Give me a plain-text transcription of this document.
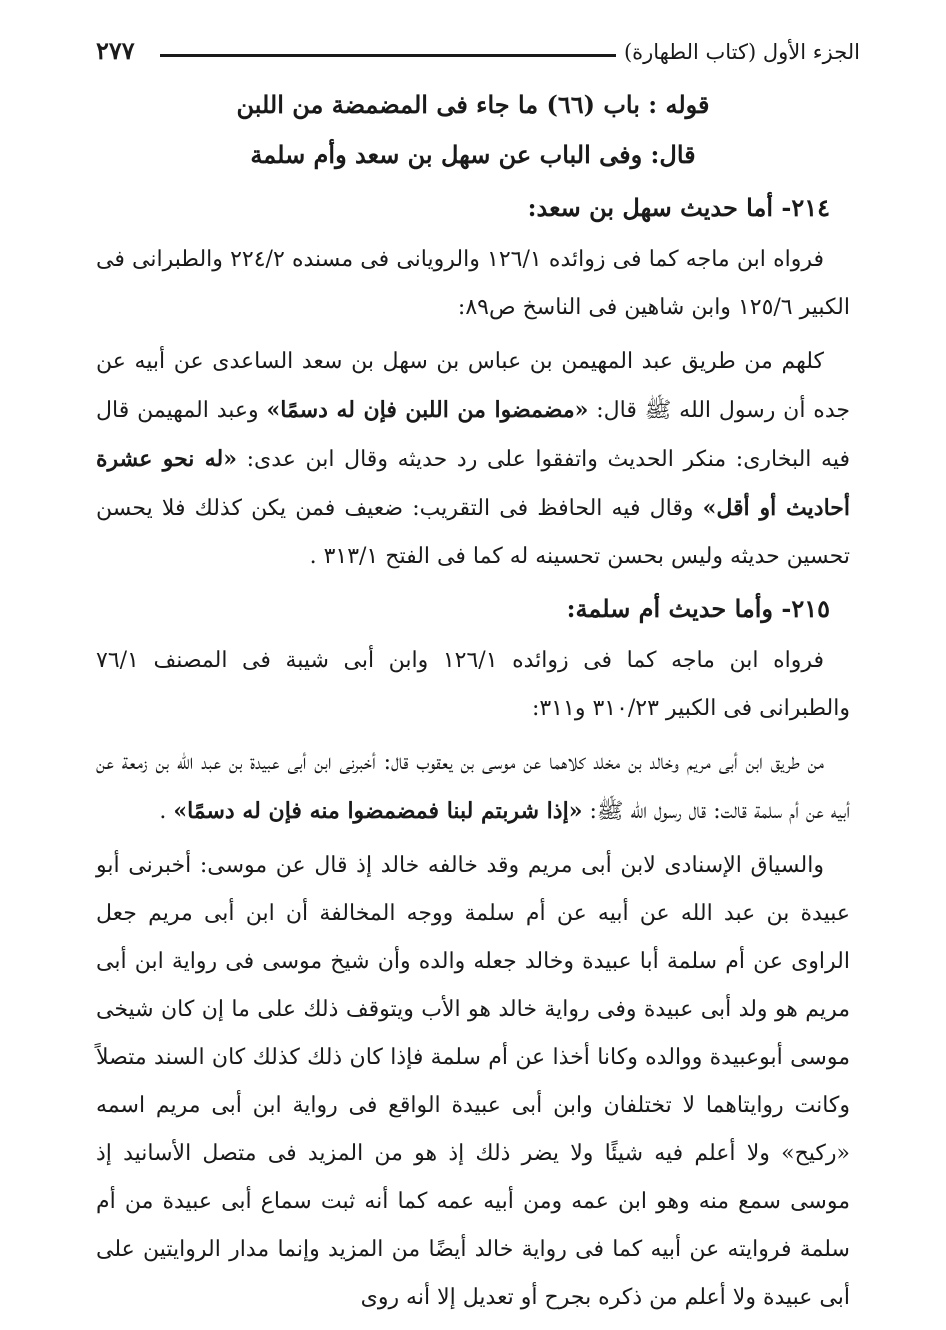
الجزء الأول (كتاب الطهارة)
٢٧٧
قوله : باب (٦٦) ما جاء فى المضمضة من اللبن
قال: وفى الباب عن سهل بن سعد وأم سلمة
٢١٤- أما حديث سهل بن سعد:

فرواه ابن ماجه كما فى زوائده ١٢٦/١ والرويانى فى مسنده ٢٢٤/٢ والطبرانى فى الكبير ١٢٥/٦ وابن شاهين فى الناسخ ص٨٩:

كلهم من طريق عبد المهيمن بن عباس بن سهل بن سعد الساعدى عن أبيه عن جده أن رسول الله ﷺ قال: «مضمضوا من اللبن فإن له دسمًا» وعبد المهيمن قال فيه البخارى: منكر الحديث واتفقوا على رد حديثه وقال ابن عدى: «له نحو عشرة أحاديث أو أقل» وقال فيه الحافظ فى التقريب: ضعيف فمن يكن كذلك فلا يحسن تحسين حديثه وليس بحسن تحسينه له كما فى الفتح ٣١٣/١ .

٢١٥- وأما حديث أم سلمة:

فرواه ابن ماجه كما فى زوائده ١٢٦/١ وابن أبى شيبة فى المصنف ٧٦/١ والطبرانى فى الكبير ٣١٠/٢٣ و٣١١:

من طريق ابن أبى مريم وخالد بن مخلد كلاهما عن موسى بن يعقوب قال: أخبرنى ابن أبى عبيدة بن عبد الله بن زمعة عن أبيه عن أم سلمة قالت: قال رسول الله ﷺ: «إذا شربتم لبنا فمضمضوا منه فإن له دسمًا» .

والسياق الإسنادى لابن أبى مريم وقد خالفه خالد إذ قال عن موسى: أخبرنى أبو عبيدة بن عبد الله عن أبيه عن أم سلمة ووجه المخالفة أن ابن أبى مريم جعل الراوى عن أم سلمة أبا عبيدة وخالد جعله والده وأن شيخ موسى فى رواية ابن أبى مريم هو ولد أبى عبيدة وفى رواية خالد هو الأب ويتوقف ذلك على ما إن كان شيخى موسى أبوعبيدة ووالده وكانا أخذا عن أم سلمة فإذا كان ذلك كذلك كان السند متصلاً وكانت روايتاهما لا تختلفان وابن أبى عبيدة الواقع فى رواية ابن أبى مريم اسمه «ركيح» ولا أعلم فيه شيئًا ولا يضر ذلك إذ هو من المزيد فى متصل الأسانيد إذ موسى سمع منه وهو ابن عمه ومن أبيه عمه كما أنه ثبت سماع أبى عبيدة من أم سلمة فروايته عن أبيه كما فى رواية خالد أيضًا من المزيد وإنما مدار الروايتين على أبى عبيدة ولا أعلم من ذكره بجرح أو تعديل إلا أنه روى
